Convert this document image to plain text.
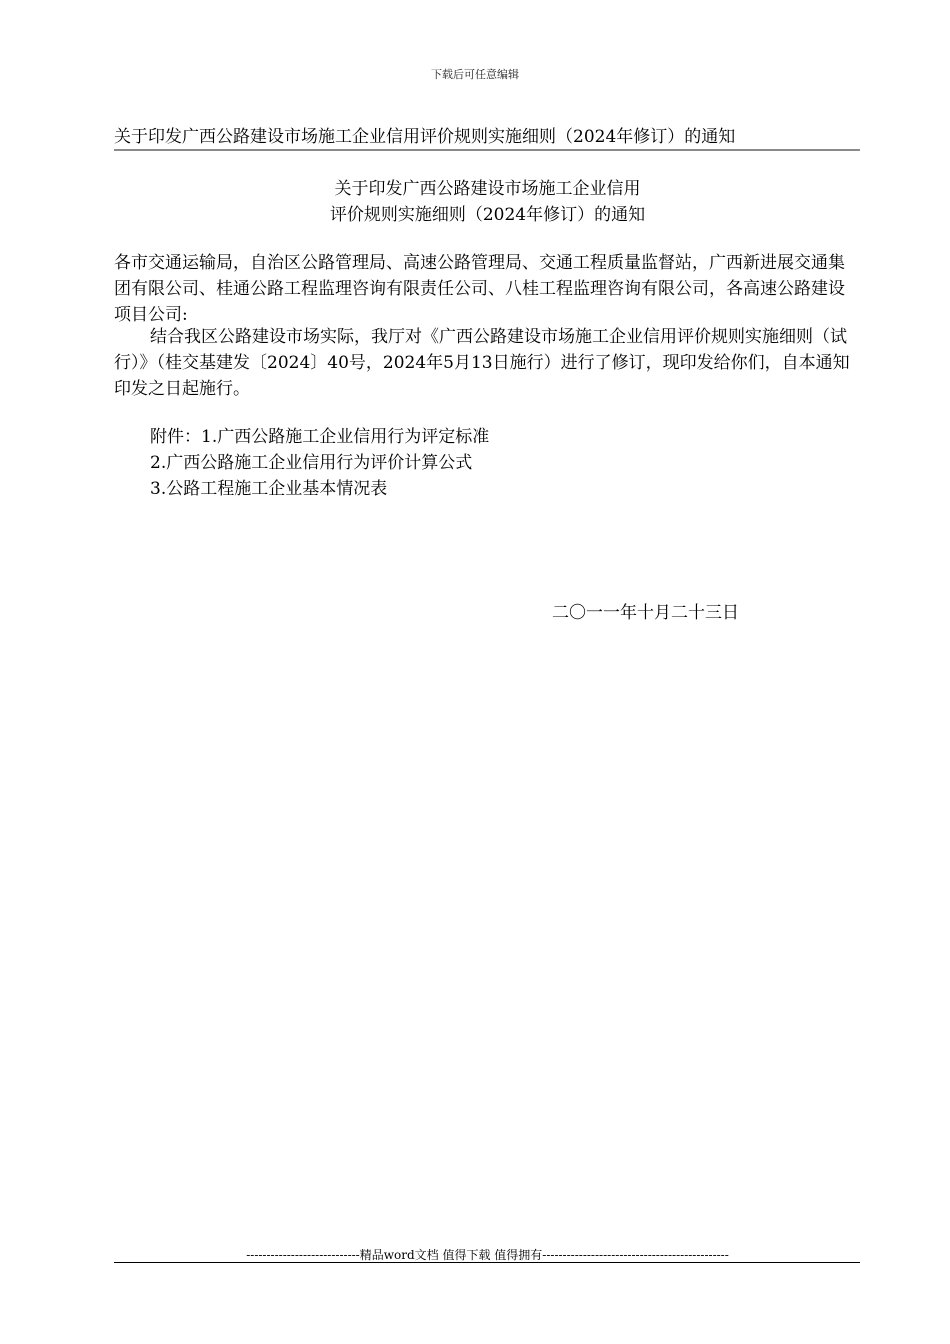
下载后可任意编辑
关于印发广西公路建设市场施工企业信用评价规则实施细则（2024年修订）的通知
关于印发广西公路建设市场施工企业信用
评价规则实施细则（2024年修订）的通知
各市交通运输局，自治区公路管理局、高速公路管理局、交通工程质量监督站，广西新进展交通集团有限公司、桂通公路工程监理咨询有限责任公司、八桂工程监理咨询有限公司，各高速公路建设项目公司:
结合我区公路建设市场实际，我厅对《广西公路建设市场施工企业信用评价规则实施细则（试行）》（桂交基建发〔2024〕40号，2024年5月13日施行）进行了修订，现印发给你们，自本通知印发之日起施行。
附件：1.广西公路施工企业信用行为评定标准
2.广西公路施工企业信用行为评价计算公式
3.公路工程施工企业基本情况表
二〇一一年十月二十三日
----------------------------精品word文档 值得下载 值得拥有----------------------------------------------
